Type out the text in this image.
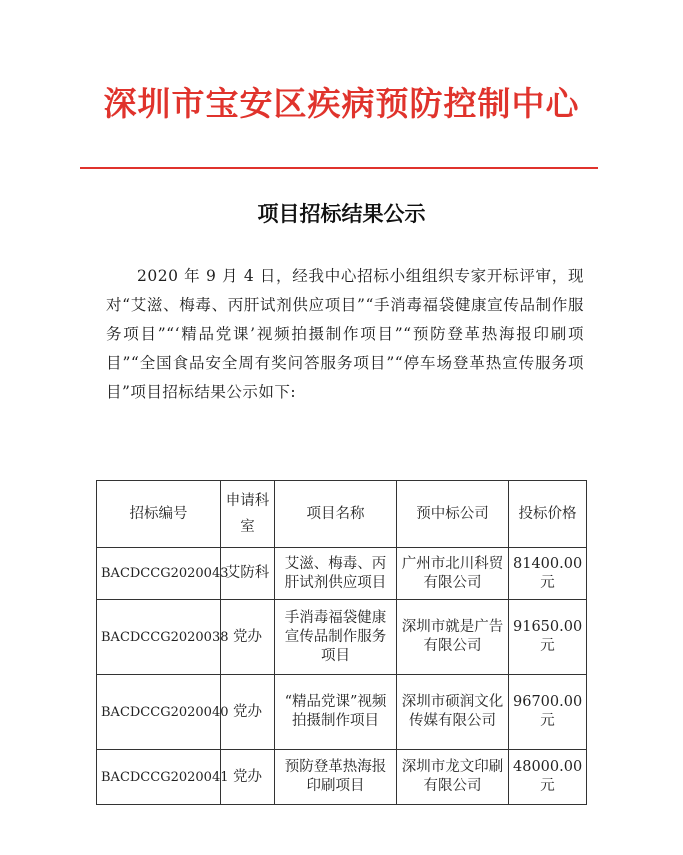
深圳市宝安区疾病预防控制中心
项目招标结果公示
2020 年 9 月 4 日，经我中心招标小组组织专家开标评审，现对“艾滋、梅毒、丙肝试剂供应项目”“手消毒福袋健康宣传品制作服务项目”“‘精品党课’视频拍摄制作项目”“预防登革热海报印刷项目”“全国食品安全周有奖问答服务项目”“停车场登革热宣传服务项目”项目招标结果公示如下:
招标编号	申请科室	项目名称	预中标公司	投标价格
BACDCCG2020043	艾防科	艾滋、梅毒、丙肝试剂供应项目	广州市北川科贸有限公司	81400.00元
BACDCCG2020038	党办	手消毒福袋健康宣传品制作服务项目	深圳市就是广告有限公司	91650.00元
BACDCCG2020040	党办	“精品党课”视频拍摄制作项目	深圳市硕润文化传媒有限公司	96700.00元
BACDCCG2020041	党办	预防登革热海报印刷项目	深圳市龙文印刷有限公司	48000.00元
